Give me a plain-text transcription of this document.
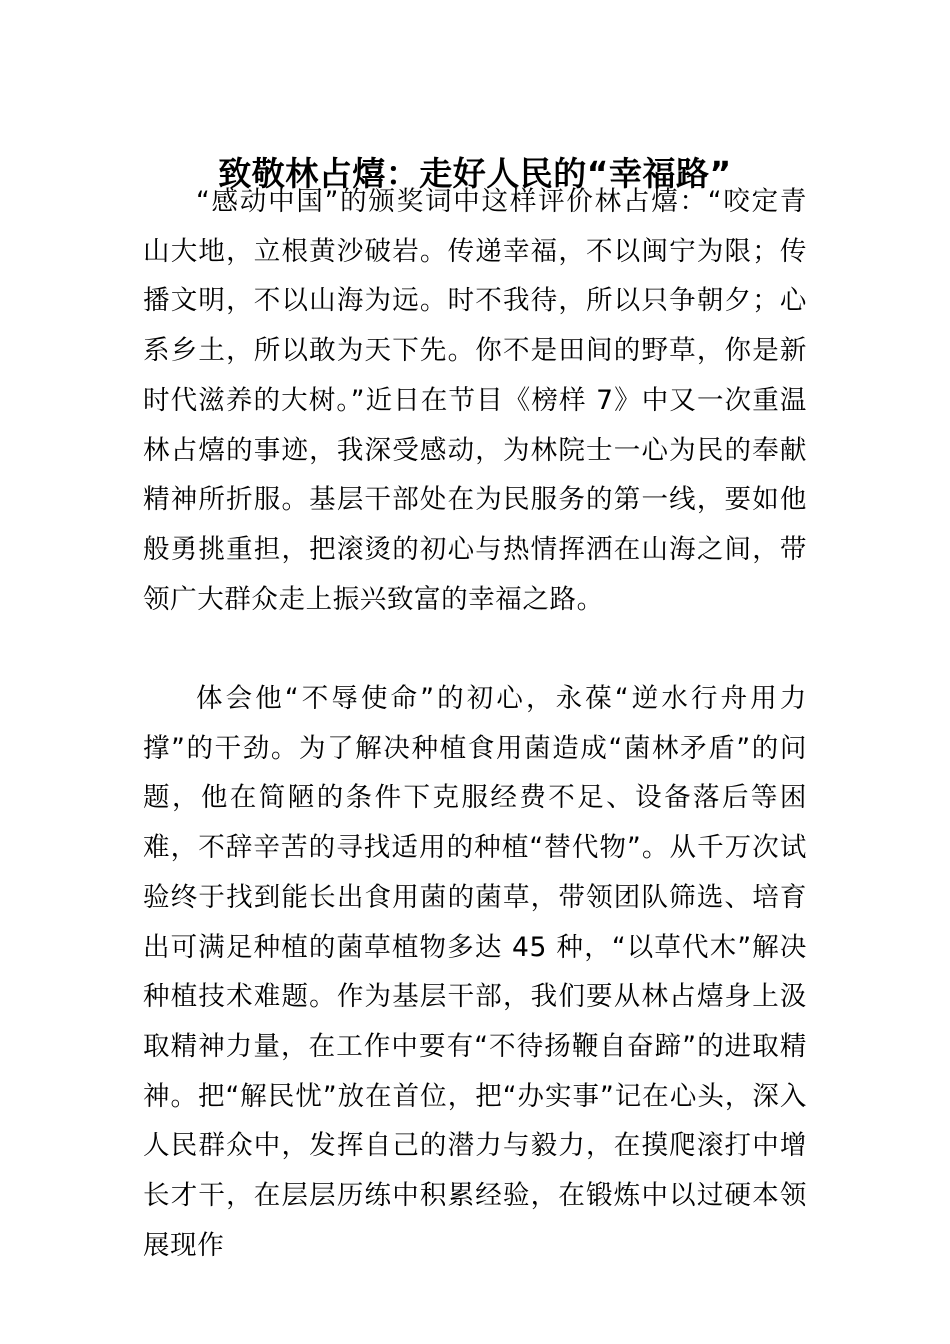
致敬林占熺：走好人民的“幸福路”

“感动中国”的颁奖词中这样评价林占熺：“咬定青山大地，立根黄沙破岩。传递幸福，不以闽宁为限；传播文明，不以山海为远。时不我待，所以只争朝夕；心系乡土，所以敢为天下先。你不是田间的野草，你是新时代滋养的大树。”近日在节目《榜样 7》中又一次重温林占熺的事迹，我深受感动，为林院士一心为民的奉献精神所折服。基层干部处在为民服务的第一线，要如他般勇挑重担，把滚烫的初心与热情挥洒在山海之间，带领广大群众走上振兴致富的幸福之路。

体会他“不辱使命”的初心，永葆“逆水行舟用力撑”的干劲。为了解决种植食用菌造成“菌林矛盾”的问题，他在简陋的条件下克服经费不足、设备落后等困难，不辞辛苦的寻找适用的种植“替代物”。从千万次试验终于找到能长出食用菌的菌草，带领团队筛选、培育出可满足种植的菌草植物多达 45 种，“以草代木”解决种植技术难题。作为基层干部，我们要从林占熺身上汲取精神力量，在工作中要有“不待扬鞭自奋蹄”的进取精神。把“解民忧”放在首位，把“办实事”记在心头，深入人民群众中，发挥自己的潜力与毅力，在摸爬滚打中增长才干，在层层历练中积累经验，在锻炼中以过硬本领展现作
